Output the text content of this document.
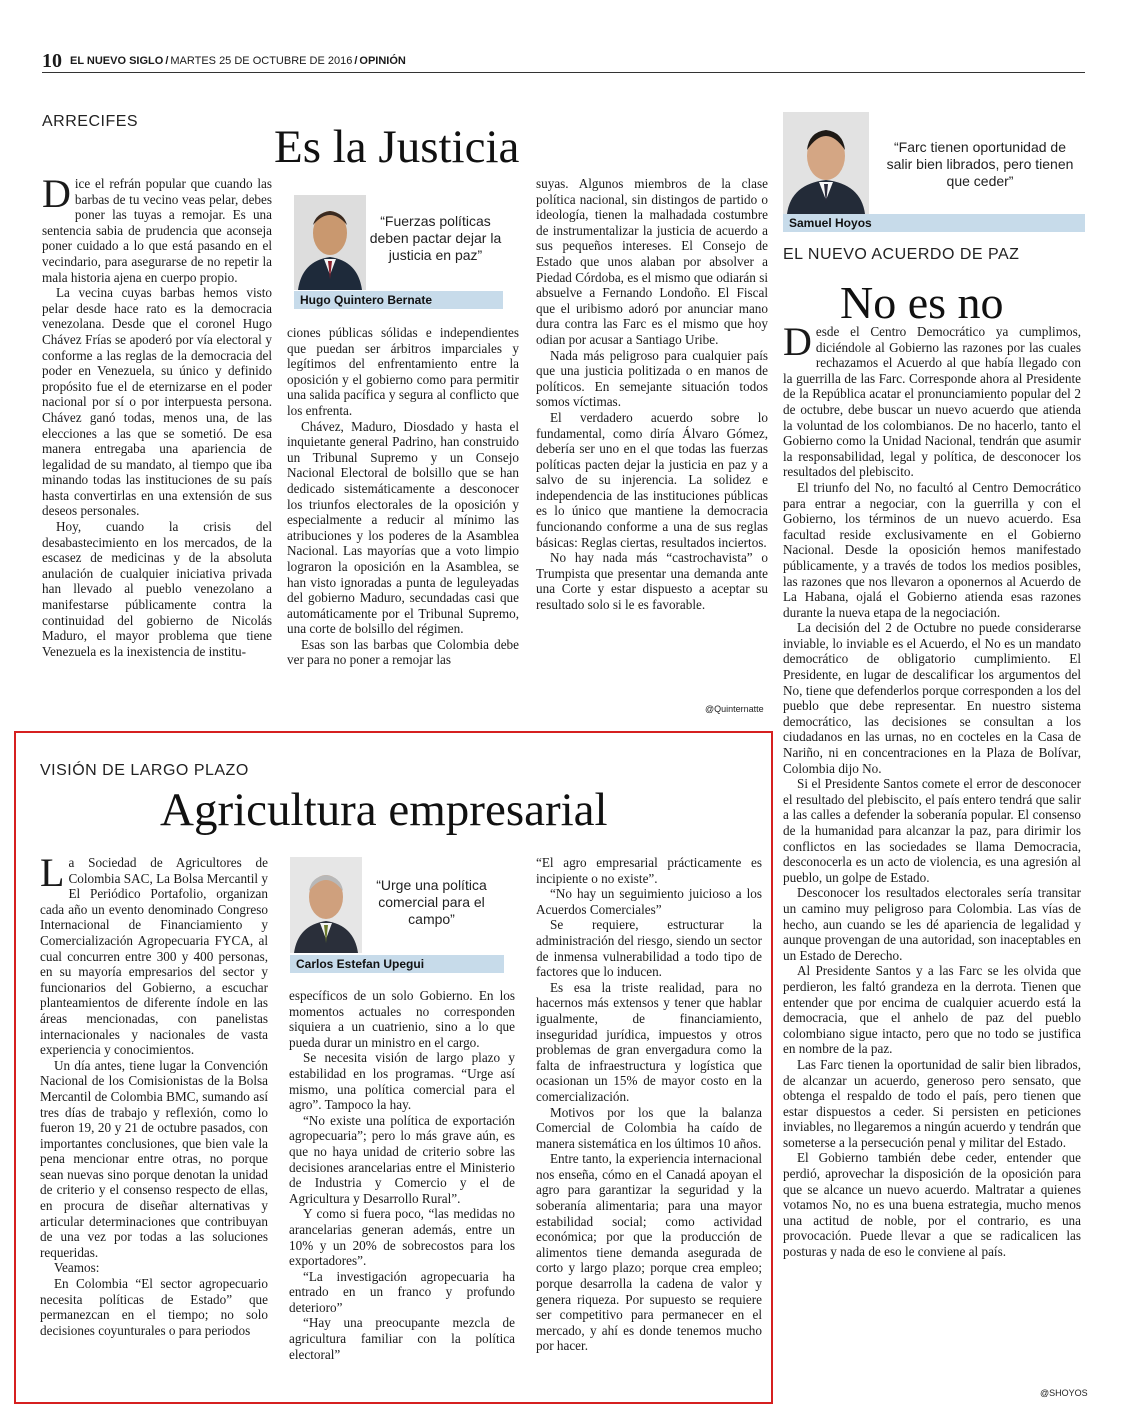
10 EL NUEVO SIGLO / MARTES 25 DE OCTUBRE DE 2016 / OPINIÓN
ARRECIFES	Es la Justicia
D ice el refrán popular que cuando las barbas de tu vecino veas pelar, debes poner las tuyas a remojar. Es una sentencia sabia de prudencia que aconseja poner cuidado a lo que está pasando en el vecindario, para asegurarse de no repetir la mala historia ajena en cuerpo propio.

La vecina cuyas barbas hemos visto pelar desde hace rato es la democracia venezolana. Desde que el coronel Hugo Chávez Frías se apoderó por vía electoral y conforme a las reglas de la democracia del poder en Venezuela, su único y definido propósito fue el de eternizarse en el poder nacional por sí o por interpuesta persona. Chávez ganó todas, menos una, de las elecciones a las que se sometió. De esa manera entregaba una apariencia de legalidad de su mandato, al tiempo que iba minando todas las instituciones de su país hasta convertirlas en una extensión de sus deseos personales.

Hoy, cuando la crisis del desabastecimiento en los mercados, de la escasez de medicinas y de la absoluta anulación de cualquier iniciativa privada han llevado al pueblo venezolano a manifestarse públicamente contra la continuidad del gobierno de Nicolás Maduro, el mayor problema que tiene Venezuela es la inexistencia de institu-

“Fuerzas políticas deben pactar dejar la justicia en paz”
Hugo Quintero Bernate

ciones públicas sólidas e independientes que puedan ser árbitros imparciales y legítimos del enfrentamiento entre la oposición y el gobierno como para permitir una salida pacífica y segura al conflicto que los enfrenta.

Chávez, Maduro, Diosdado y hasta el inquietante general Padrino, han construido un Tribunal Supremo y un Consejo Nacional Electoral de bolsillo que se han dedicado sistemáticamente a desconocer los triunfos electorales de la oposición y especialmente a reducir al mínimo las atribuciones y los poderes de la Asamblea Nacional. Las mayorías que a voto limpio lograron la oposición en la Asamblea, se han visto ignoradas a punta de leguleyadas del gobierno Maduro, secundadas casi que automáticamente por el Tribunal Supremo, una corte de bolsillo del régimen.

Esas son las barbas que Colombia debe ver para no poner a remojar las

suyas. Algunos miembros de la clase política nacional, sin distingos de partido o ideología, tienen la malhadada costumbre de instrumentalizar la justicia de acuerdo a sus pequeños intereses. El Consejo de Estado que unos alaban por absolver a Piedad Córdoba, es el mismo que odiarán si absuelve a Fernando Londoño. El Fiscal que el uribismo adoró por anunciar mano dura contra las Farc es el mismo que hoy odian por acusar a Santiago Uribe.

Nada más peligroso para cualquier país que una justicia politizada o en manos de políticos. En semejante situación todos somos víctimas.

El verdadero acuerdo sobre lo fundamental, como diría Álvaro Gómez, debería ser uno en el que todas las fuerzas políticas pacten dejar la justicia en paz y a salvo de su injerencia. La solidez e independencia de las instituciones públicas es lo único que mantiene la democracia funcionando conforme a una de sus reglas básicas: Reglas ciertas, resultados inciertos.

No hay nada más “castrochavista” o Trumpista que presentar una demanda ante una Corte y estar dispuesto a aceptar su resultado solo si le es favorable.

@Quinternatte
“Farc tienen oportunidad de salir bien librados, pero tienen que ceder”
Samuel Hoyos
EL NUEVO ACUERDO DE PAZ
No es no
D esde el Centro Democrático ya cumplimos, diciéndole al Gobierno las razones por las cuales rechazamos el Acuerdo al que había llegado con la guerrilla de las Farc. Corresponde ahora al Presidente de la República acatar el pronunciamiento popular del 2 de octubre, debe buscar un nuevo acuerdo que atienda la voluntad de los colombianos. De no hacerlo, tanto el Gobierno como la Unidad Nacional, tendrán que asumir la responsabilidad, legal y política, de desconocer los resultados del plebiscito.

El triunfo del No, no facultó al Centro Democrático para entrar a negociar, con la guerrilla y con el Gobierno, los términos de un nuevo acuerdo. Esa facultad reside exclusivamente en el Gobierno Nacional. Desde la oposición hemos manifestado públicamente, y a través de todos los medios posibles, las razones que nos llevaron a oponernos al Acuerdo de La Habana, ojalá el Gobierno atienda esas razones durante la nueva etapa de la negociación.

La decisión del 2 de Octubre no puede considerarse inviable, lo inviable es el Acuerdo, el No es un mandato democrático de obligatorio cumplimiento. El Presidente, en lugar de descalificar los argumentos del No, tiene que defenderlos porque corresponden a los del pueblo que debe representar. En nuestro sistema democrático, las decisiones se consultan a los ciudadanos en las urnas, no en cocteles en la Casa de Nariño, ni en concentraciones en la Plaza de Bolívar, Colombia dijo No.

Si el Presidente Santos comete el error de desconocer el resultado del plebiscito, el país entero tendrá que salir a las calles a defender la soberanía popular. El consenso de la humanidad para alcanzar la paz, para dirimir los conflictos en las sociedades se llama Democracia, desconocerla es un acto de violencia, es una agresión al pueblo, un golpe de Estado.

Desconocer los resultados electorales sería transitar un camino muy peligroso para Colombia. Las vías de hecho, aun cuando se les dé apariencia de legalidad y aunque provengan de una autoridad, son inaceptables en un Estado de Derecho.

Al Presidente Santos y a las Farc se les olvida que perdieron, les faltó grandeza en la derrota. Tienen que entender que por encima de cualquier acuerdo está la democracia, que el anhelo de paz del pueblo colombiano sigue intacto, pero que no todo se justifica en nombre de la paz.

Las Farc tienen la oportunidad de salir bien librados, de alcanzar un acuerdo, generoso pero sensato, que obtenga el respaldo de todo el país, pero tienen que estar dispuestos a ceder. Si persisten en peticiones inviables, no llegaremos a ningún acuerdo y tendrán que someterse a la persecución penal y militar del Estado.

El Gobierno también debe ceder, entender que perdió, aprovechar la disposición de la oposición para que se alcance un nuevo acuerdo. Maltratar a quienes votamos No, no es una buena estrategia, mucho menos una actitud de noble, por el contrario, es una provocación. Puede llevar a que se radicalicen las posturas y nada de eso le conviene al país.

@SHOYOS
VISIÓN DE LARGO PLAZO
Agricultura empresarial
L a Sociedad de Agricultores de Colombia SAC, La Bolsa Mercantil y El Periódico Portafolio, organizan cada año un evento denominado Congreso Internacional de Financiamiento y Comercialización Agropecuaria FYCA, al cual concurren entre 300 y 400 personas, en su mayoría empresarios del sector y funcionarios del Gobierno, a escuchar planteamientos de diferente índole en las áreas mencionadas, con panelistas internacionales y nacionales de vasta experiencia y conocimientos.

Un día antes, tiene lugar la Convención Nacional de los Comisionistas de la Bolsa Mercantil de Colombia BMC, sumando así tres días de trabajo y reflexión, como lo fueron 19, 20 y 21 de octubre pasados, con importantes conclusiones, que bien vale la pena mencionar entre otras, no porque sean nuevas sino porque denotan la unidad de criterio y el consenso respecto de ellas, en procura de diseñar alternativas y articular determinaciones que contribuyan de una vez por todas a las soluciones requeridas.

Veamos:

En Colombia “El sector agropecuario necesita políticas de Estado” que permanezcan en el tiempo; no solo decisiones coyunturales o para periodos

“Urge una política comercial para el campo”
Carlos Estefan Upegui

específicos de un solo Gobierno. En los momentos actuales no corresponden siquiera a un cuatrienio, sino a lo que pueda durar un ministro en el cargo.

Se necesita visión de largo plazo y estabilidad en los programas. “Urge así mismo, una política comercial para el agro”. Tampoco la hay.

“No existe una política de exportación agropecuaria”; pero lo más grave aún, es que no haya unidad de criterio sobre las decisiones arancelarias entre el Ministerio de Industria y Comercio y el de Agricultura y Desarrollo Rural”.

Y como si fuera poco, “las medidas no arancelarias generan además, entre un 10% y un 20% de sobrecostos para los exportadores”.

“La investigación agropecuaria ha entrado en un franco y profundo deterioro”

“Hay una preocupante mezcla de agricultura familiar con la política electoral”

“El agro empresarial prácticamente es incipiente o no existe”.

“No hay un seguimiento juicioso a los Acuerdos Comerciales”

Se requiere, estructurar la administración del riesgo, siendo un sector de inmensa vulnerabilidad a todo tipo de factores que lo inducen.

Es esa la triste realidad, para no hacernos más extensos y tener que hablar igualmente, de financiamiento, inseguridad jurídica, impuestos y otros problemas de gran envergadura como la falta de infraestructura y logística que ocasionan un 15% de mayor costo en la comercialización.

Motivos por los que la balanza Comercial de Colombia ha caído de manera sistemática en los últimos 10 años.

Entre tanto, la experiencia internacional nos enseña, cómo en el Canadá apoyan el agro para garantizar la seguridad y la soberanía alimentaria; para una mayor estabilidad social; como actividad económica; por que la producción de alimentos tiene demanda asegurada de corto y largo plazo; porque crea empleo; porque desarrolla la cadena de valor y genera riqueza. Por supuesto se requiere ser competitivo para permanecer en el mercado, y ahí es donde tenemos mucho por hacer.
